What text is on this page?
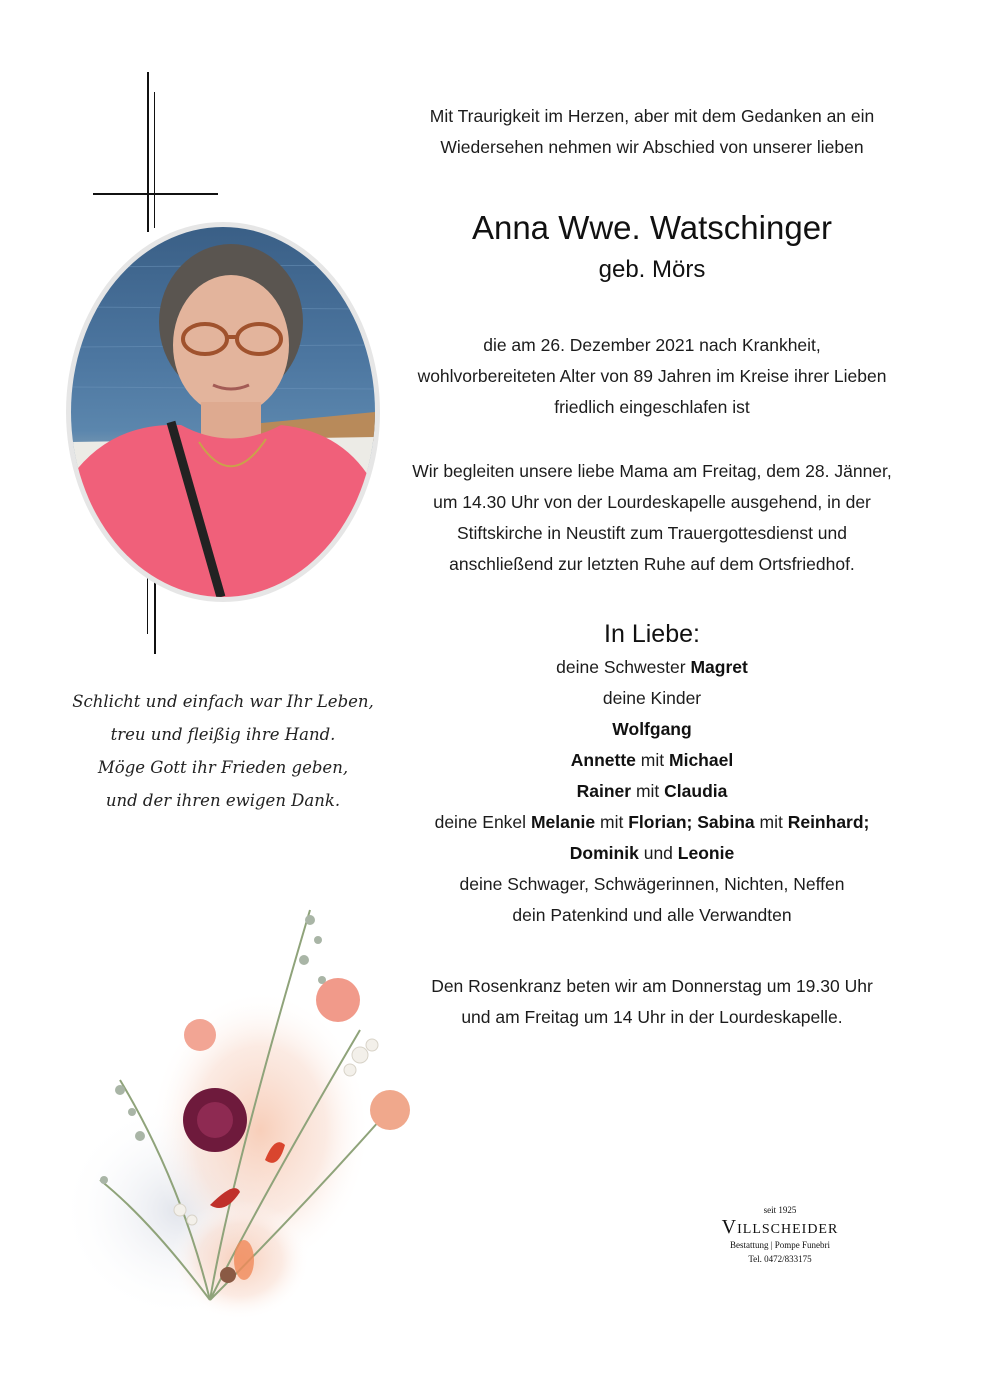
Mit Traurigkeit im Herzen, aber mit dem Gedanken an ein

Wiedersehen nehmen wir Abschied von unserer lieben

Anna Wwe. Watschinger

geb. Mörs

die am 26. Dezember 2021 nach Krankheit,

wohlvorbereiteten Alter von 89 Jahren im Kreise ihrer Lieben

friedlich eingeschlafen ist

Wir begleiten unsere liebe Mama am Freitag, dem 28. Jänner,

um 14.30 Uhr von der Lourdeskapelle ausgehend, in der

Stiftskirche in Neustift zum Trauergottesdienst und

anschließend zur letzten Ruhe auf dem Ortsfriedhof.

In Liebe:

deine Schwester Magret

deine Kinder

Wolfgang

Annette mit Michael

Rainer mit Claudia

deine Enkel Melanie mit Florian; Sabina mit Reinhard;

Dominik und Leonie

deine Schwager, Schwägerinnen, Nichten, Neffen

dein Patenkind und alle Verwandten

Den Rosenkranz beten wir am Donnerstag um 19.30 Uhr

und am Freitag um 14 Uhr in der Lourdeskapelle.

Schlicht und einfach war Ihr Leben,
treu und fleißig ihre Hand.
Möge Gott ihr Frieden geben,
und der ihren ewigen Dank.
seit 1925
Villscheider
Bestattung | Pompe Funebri
Tel. 0472/833175
